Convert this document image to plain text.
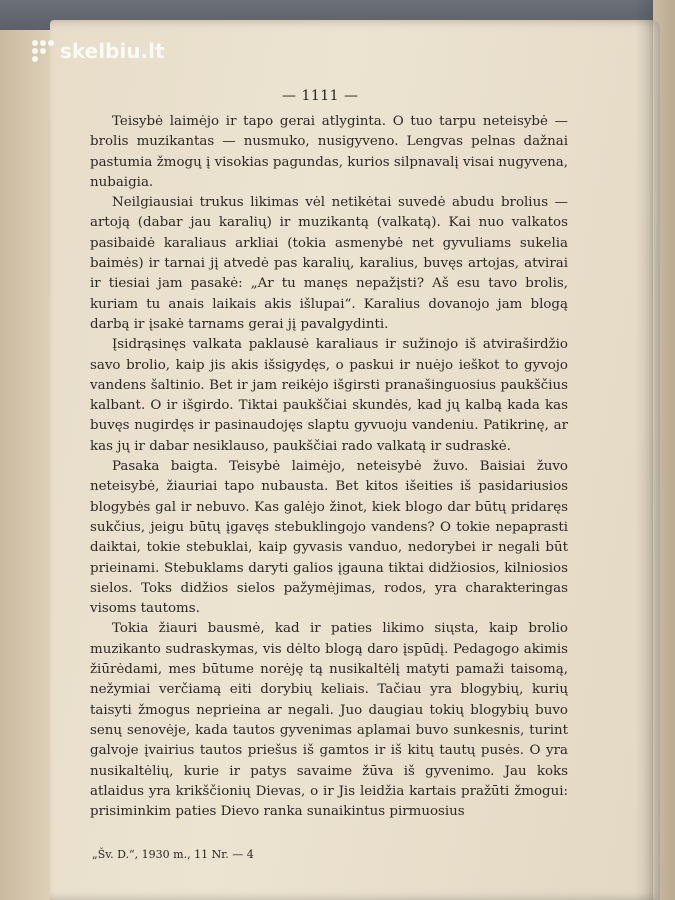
skelbiu.lt
— 1111 —

Teisybė laimėjo ir tapo gerai atlyginta. O tuo tarpu neteisybė — brolis muzikantas — nusmuko, nusigyveno. Lengvas pelnas dažnai pastumia žmogų į visokias pagundas, kurios silpnavalį visai nugyvena, nubaigia.

Neilgiausiai trukus likimas vėl netikėtai suvedė abudu brolius — artoją (dabar jau karalių) ir muzikantą (valkatą). Kai nuo valkatos pasibaidė karaliaus arkliai (tokia asmenybė net gyvuliams sukelia baimės) ir tarnai jį atvedė pas karalių, karalius, buvęs artojas, atvirai ir tiesiai jam pasakė: „Ar tu manęs nepažįsti? Aš esu tavo brolis, kuriam tu anais laikais akis išlupai“. Karalius dovanojo jam blogą darbą ir įsakė tarnams gerai jį pavalgydinti.

Įsidrąsinęs valkata paklausė karaliaus ir sužinojo iš atviraširdžio savo brolio, kaip jis akis išsigydęs, o paskui ir nuėjo ieškot to gyvojo vandens šaltinio. Bet ir jam reikėjo išgirsti pranašinguosius paukščius kalbant. O ir išgirdo. Tiktai paukščiai skundės, kad jų kalbą kada kas buvęs nugirdęs ir pasinaudojęs slaptu gyvuoju vandeniu. Patikrinę, ar kas jų ir dabar nesiklauso, paukščiai rado valkatą ir sudraskė.

Pasaka baigta. Teisybė laimėjo, neteisybė žuvo. Baisiai žuvo neteisybė, žiauriai tapo nubausta. Bet kitos išeities iš pasidariusios blogybės gal ir nebuvo. Kas galėjo žinot, kiek blogo dar būtų pridaręs sukčius, jeigu būtų įgavęs stebuklingojo vandens? O tokie nepaprasti daiktai, tokie stebuklai, kaip gyvasis vanduo, nedorybei ir negali būt prieinami. Stebuklams daryti galios įgauna tiktai didžiosios, kilniosios sielos. Toks didžios sielos pažymėjimas, rodos, yra charakteringas visoms tautoms.

Tokia žiauri bausmė, kad ir paties likimo siųsta, kaip brolio muzikanto sudraskymas, vis dėlto blogą daro įspūdį. Pedagogo akimis žiūrėdami, mes būtume norėję tą nusikaltėlį matyti pamaži taisomą, nežymiai verčiamą eiti dorybių keliais. Tačiau yra blogybių, kurių taisyti žmogus neprieina ar negali. Juo daugiau tokių blogybių buvo senų senovėje, kada tautos gyvenimas aplamai buvo sunkesnis, turint galvoje įvairius tautos priešus iš gamtos ir iš kitų tautų pusės. O yra nusikaltėlių, kurie ir patys savaime žūva iš gyvenimo. Jau koks atlaidus yra krikščionių Dievas, o ir Jis leidžia kartais pražūti žmogui: prisiminkim paties Dievo ranka sunaikintus pirmuosius

„Šv. D.“, 1930 m., 11 Nr. — 4
